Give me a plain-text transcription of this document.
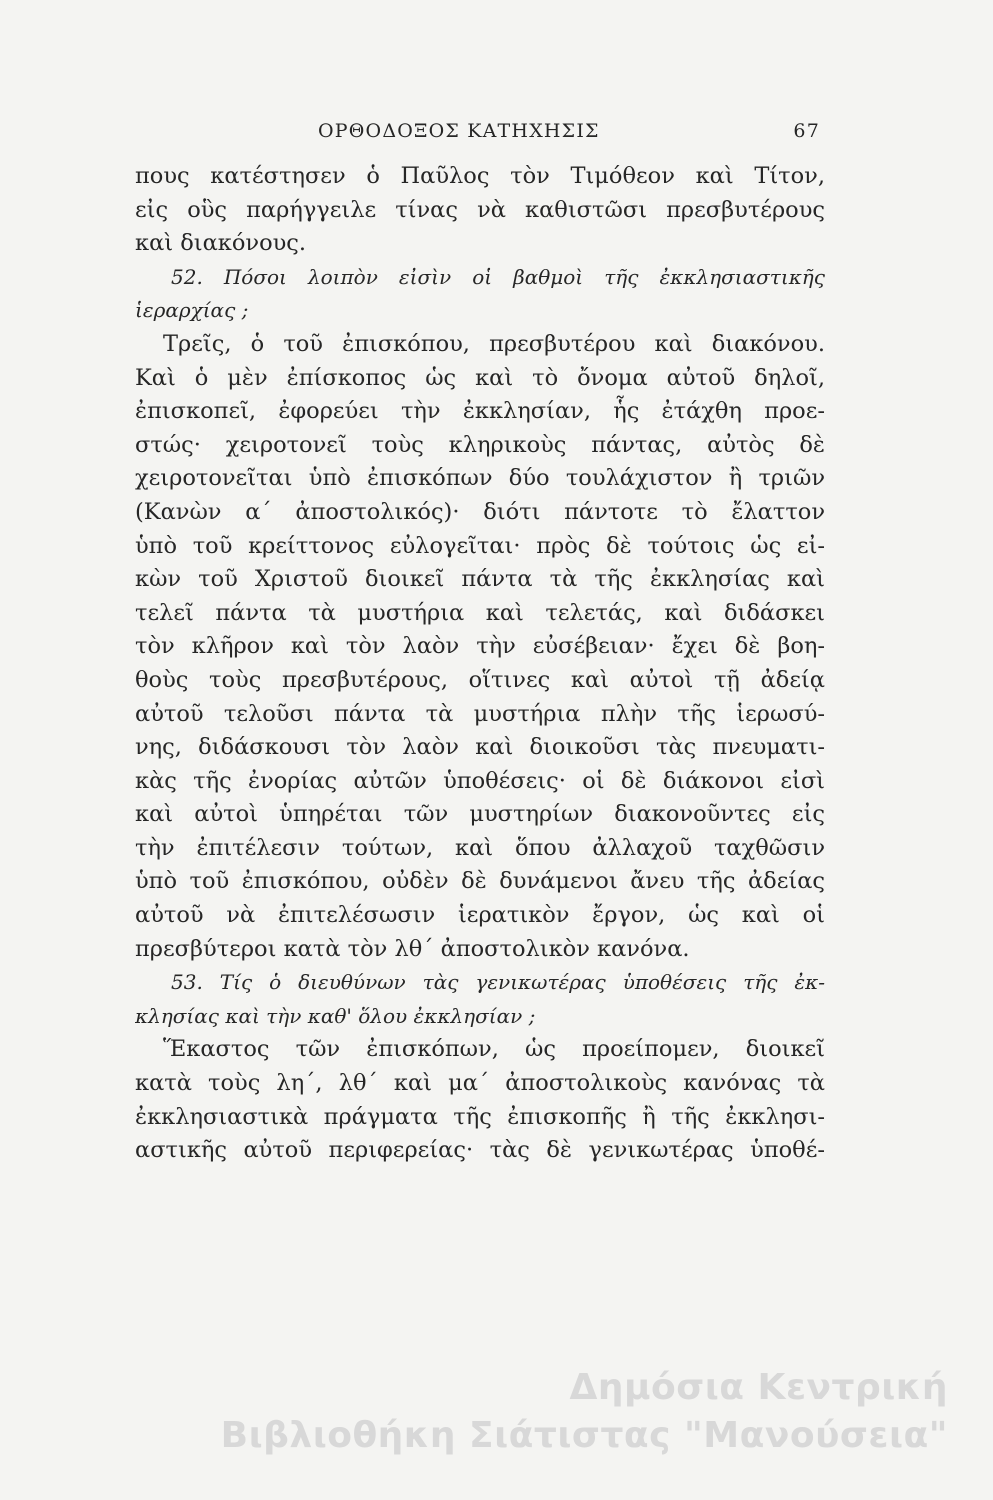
ΟΡΘΟΔΟΞΟΣ ΚΑΤΗΧΗΣΙΣ	67
πους κατέστησεν ὁ Παῦλος τὸν Τιμόθεον καὶ Τίτον,
εἰς οὓς παρήγγειλε τίνας νὰ καθιστῶσι πρεσβυτέρους
καὶ διακόνους.
52. Πόσοι λοιπὸν εἰσὶν οἱ βαθμοὶ τῆς ἐκκλησιαστικῆς
ἱεραρχίας ;
Τρεῖς, ὁ τοῦ ἐπισκόπου, πρεσβυτέρου καὶ διακόνου.
Καὶ ὁ μὲν ἐπίσκοπος ὡς καὶ τὸ ὄνομα αὐτοῦ δηλοῖ,
ἐπισκοπεῖ, ἐφορεύει τὴν ἐκκλησίαν, ἧς ἐτάχθη προε-
στώς· χειροτονεῖ τοὺς κληρικοὺς πάντας, αὐτὸς δὲ
χειροτονεῖται ὑπὸ ἐπισκόπων δύο τουλάχιστον ἢ τριῶν
(Κανὼν α΄ ἀποστολικός)· διότι πάντοτε τὸ ἔλαττον
ὑπὸ τοῦ κρείττονος εὐλογεῖται· πρὸς δὲ τούτοις ὡς εἰ-
κὼν τοῦ Χριστοῦ διοικεῖ πάντα τὰ τῆς ἐκκλησίας καὶ
τελεῖ πάντα τὰ μυστήρια καὶ τελετάς, καὶ διδάσκει
τὸν κλῆρον καὶ τὸν λαὸν τὴν εὐσέβειαν· ἔχει δὲ βοη-
θοὺς τοὺς πρεσβυτέρους, οἵτινες καὶ αὐτοὶ τῇ ἀδείᾳ
αὐτοῦ τελοῦσι πάντα τὰ μυστήρια πλὴν τῆς ἱερωσύ-
νης, διδάσκουσι τὸν λαὸν καὶ διοικοῦσι τὰς πνευματι-
κὰς τῆς ἐνορίας αὐτῶν ὑποθέσεις· οἱ δὲ διάκονοι εἰσὶ
καὶ αὐτοὶ ὑπηρέται τῶν μυστηρίων διακονοῦντες εἰς
τὴν ἐπιτέλεσιν τούτων, καὶ ὅπου ἀλλαχοῦ ταχθῶσιν
ὑπὸ τοῦ ἐπισκόπου, οὐδὲν δὲ δυνάμενοι ἄνευ τῆς ἀδείας
αὐτοῦ νὰ ἐπιτελέσωσιν ἱερατικὸν ἔργον, ὡς καὶ οἱ
πρεσβύτεροι κατὰ τὸν λθ΄ ἀποστολικὸν κανόνα.
53. Τίς ὁ διευθύνων τὰς γενικωτέρας ὑποθέσεις τῆς ἐκ-
κλησίας καὶ τὴν καθ' ὅλου ἐκκλησίαν ;
Ἕκαστος τῶν ἐπισκόπων, ὡς προείπομεν, διοικεῖ
κατὰ τοὺς λη΄, λθ΄ καὶ μα΄ ἀποστολικοὺς κανόνας τὰ
ἐκκλησιαστικὰ πράγματα τῆς ἐπισκοπῆς ἢ τῆς ἐκκλησι-
αστικῆς αὐτοῦ περιφερείας· τὰς δὲ γενικωτέρας ὑποθέ-
Δημόσια Κεντρική
Βιβλιοθήκη Σιάτιστας "Μανούσεια"
